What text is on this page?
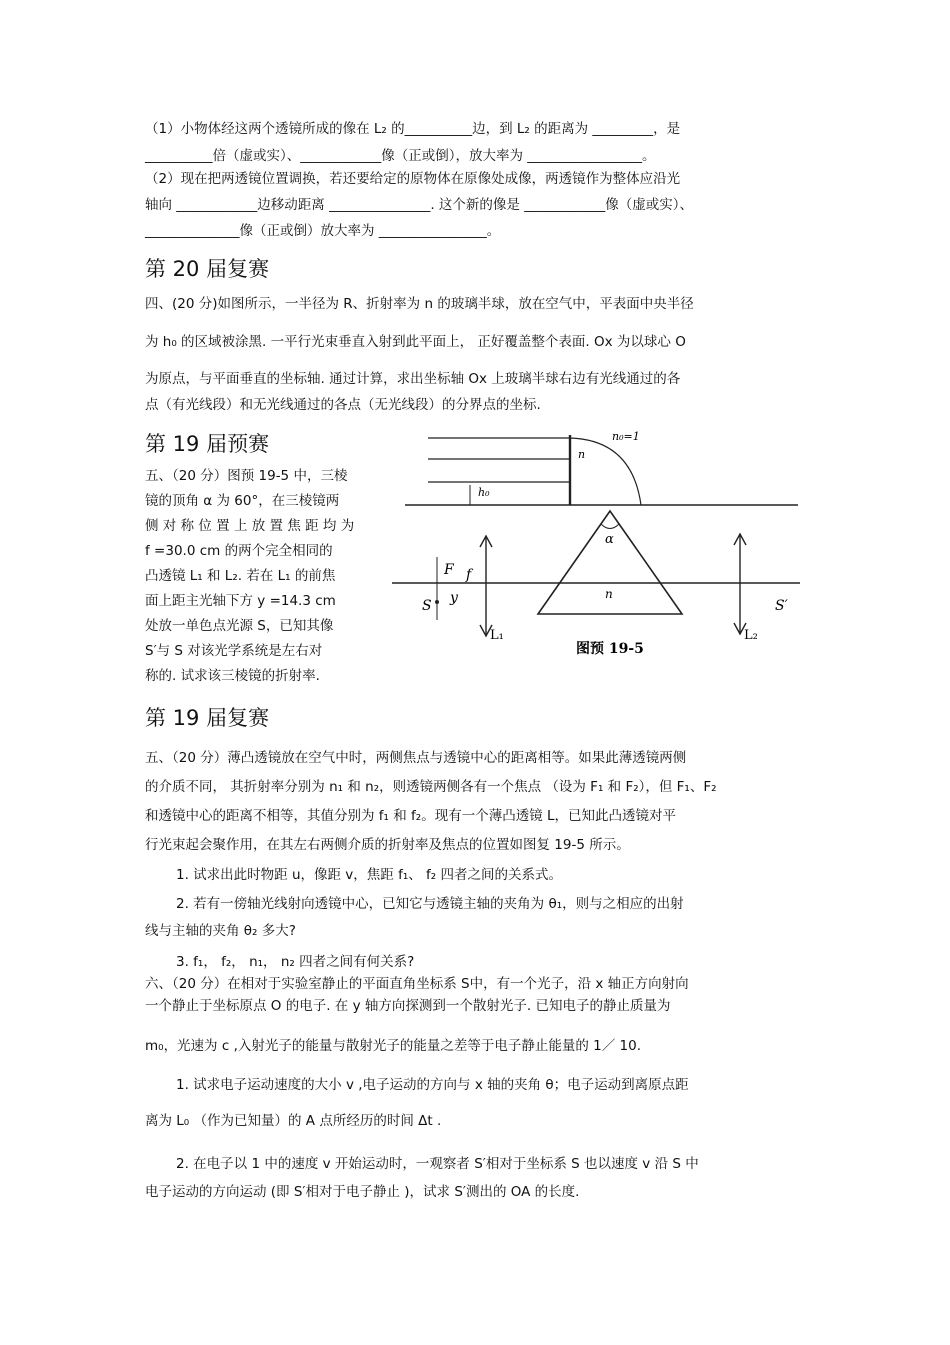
（1）小物体经这两个透镜所成的像在 L₂ 的__________边，到 L₂ 的距离为 _________，是
__________倍（虚或实）、____________像（正或倒），放大率为 _________________。
（2）现在把两透镜位置调换，若还要给定的原物体在原像处成像，两透镜作为整体应沿光
轴向 ____________边移动距离 _______________. 这个新的像是 ____________像（虚或实）、
______________像（正或倒）放大率为 ________________。
第 20 届复赛
四、(20 分)如图所示，一半径为 R、折射率为 n 的玻璃半球，放在空气中，平表面中央半径
为 h₀ 的区域被涂黑. 一平行光束垂直入射到此平面上， 正好覆盖整个表面. Ox 为以球心 O
为原点，与平面垂直的坐标轴. 通过计算，求出坐标轴 Ox 上玻璃半球右边有光线通过的各
点（有光线段）和无光线通过的各点（无光线段）的分界点的坐标.
第 19 届预赛
五、（20 分）图预 19-5 中，三棱
镜的顶角 α 为 60°，在三棱镜两
侧 对 称 位 置 上 放 置 焦 距 均 为
f =30.0 cm 的两个完全相同的
凸透镜 L₁ 和 L₂. 若在 L₁ 的前焦
面上距主光轴下方 y =14.3 cm
处放一单色点光源 S，已知其像
S′与 S 对该光学系统是左右对
称的. 试求该三棱镜的折射率.
n₀=1
n
h₀
α
n
F f
S y	S′
L₁	L₂
图预 19-5
第 19 届复赛
五、（20 分）薄凸透镜放在空气中时，两侧焦点与透镜中心的距离相等。如果此薄透镜两侧
的介质不同， 其折射率分别为 n₁ 和 n₂，则透镜两侧各有一个焦点 （设为 F₁ 和 F₂），但 F₁、F₂
和透镜中心的距离不相等，其值分别为 f₁ 和 f₂。现有一个薄凸透镜 L，已知此凸透镜对平
行光束起会聚作用，在其左右两侧介质的折射率及焦点的位置如图复 19-5 所示。
1. 试求出此时物距 u，像距 v，焦距 f₁、 f₂ 四者之间的关系式。
2. 若有一傍轴光线射向透镜中心，已知它与透镜主轴的夹角为 θ₁，则与之相应的出射
线与主轴的夹角 θ₂ 多大?
3. f₁， f₂， n₁， n₂ 四者之间有何关系?
六、（20 分）在相对于实验室静止的平面直角坐标系 S中，有一个光子，沿 x 轴正方向射向
一个静止于坐标原点 O 的电子. 在 y 轴方向探测到一个散射光子. 已知电子的静止质量为
m₀，光速为 c ,入射光子的能量与散射光子的能量之差等于电子静止能量的 1／ 10.
1. 试求电子运动速度的大小 v ,电子运动的方向与 x 轴的夹角 θ；电子运动到离原点距
离为 L₀ （作为已知量）的 A 点所经历的时间 Δt .
2. 在电子以 1 中的速度 v 开始运动时，一观察者 S′相对于坐标系 S 也以速度 v 沿 S 中
电子运动的方向运动 (即 S′相对于电子静止 )，试求 S′测出的 OA 的长度.
